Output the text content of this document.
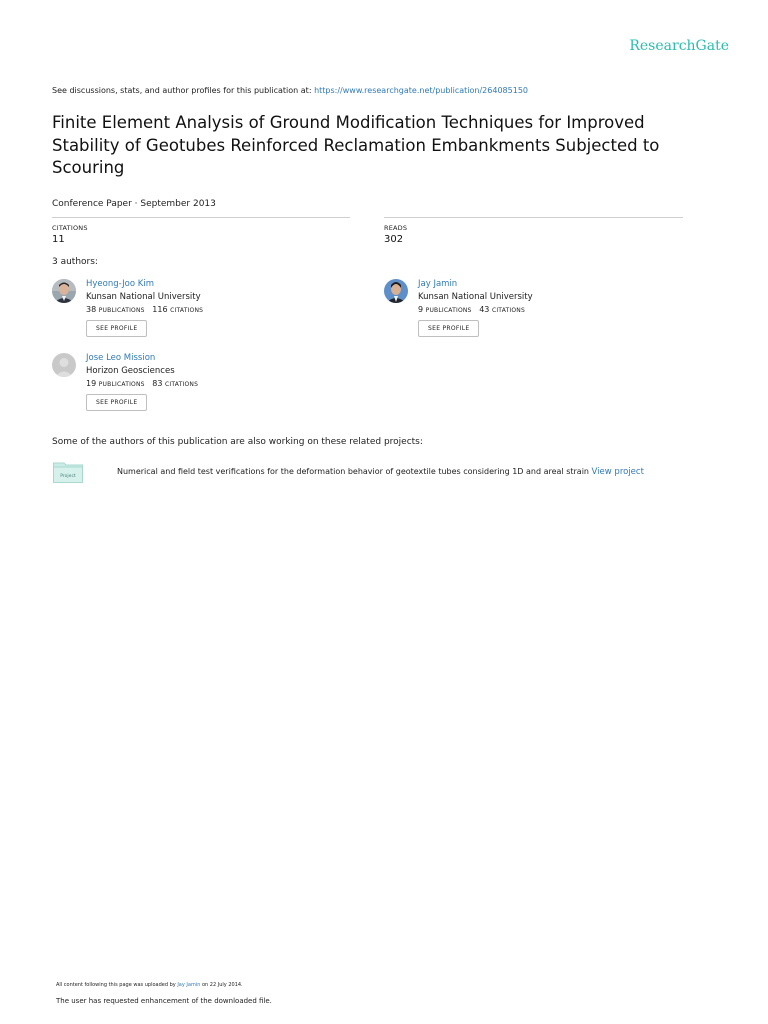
ResearchGate
See discussions, stats, and author profiles for this publication at: https://www.researchgate.net/publication/264085150
Finite Element Analysis of Ground Modification Techniques for Improved Stability of Geotubes Reinforced Reclamation Embankments Subjected to Scouring
Conference Paper · September 2013
CITATIONS
11
READS
302
3 authors:
Hyeong-Joo Kim
Kunsan National University
38 PUBLICATIONS 116 CITATIONS
SEE PROFILE
Jay Jamin
Kunsan National University
9 PUBLICATIONS 43 CITATIONS
SEE PROFILE
Jose Leo Mission
Horizon Geosciences
19 PUBLICATIONS 83 CITATIONS
SEE PROFILE
Some of the authors of this publication are also working on these related projects:
Project
Numerical and field test verifications for the deformation behavior of geotextile tubes considering 1D and areal strain View project
All content following this page was uploaded by Jay Jamin on 22 July 2014.
The user has requested enhancement of the downloaded file.
